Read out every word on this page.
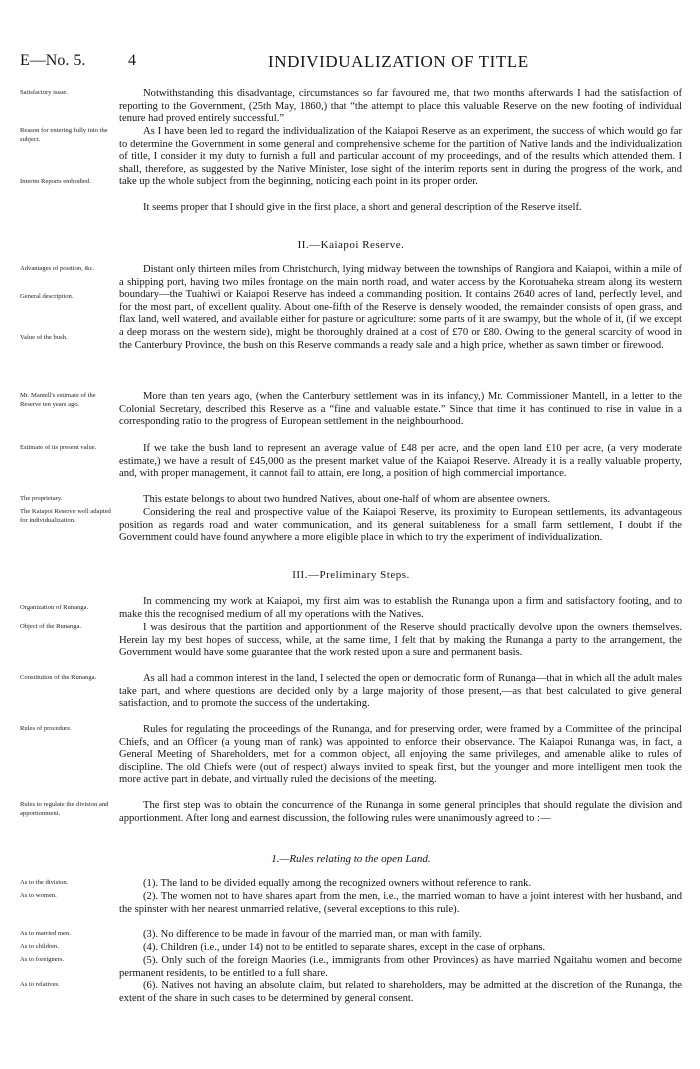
E—No. 5.	4	INDIVIDUALIZATION OF TITLE
Satisfactory issue.	Notwithstanding this disadvantage, circumstances so far favoured me, that two months afterwards I had the satisfaction of reporting to the Government, (25th May, 1860,) that “the attempt to place this valuable Reserve on the new footing of individual tenure had proved entirely successful.”
Reason for entering fully into the subject.
Interim Reports embodied.
As I have been led to regard the individualization of the Kaiapoi Reserve as an experiment, the success of which would go far to determine the Government in some general and comprehensive scheme for the partition of Native lands and the individualization of title, I consider it my duty to furnish a full and particular account of my proceedings, and of the results which attended them. I shall, therefore, as suggested by the Native Minister, lose sight of the interim reports sent in during the progress of the work, and take up the whole subject from the beginning, noticing each point in its proper order.
It seems proper that I should give in the first place, a short and general description of the Reserve itself.
II.—Kaiapoi Reserve.
Advantages of position, &c.
General description.
Value of the bush.
Distant only thirteen miles from Christchurch, lying midway between the townships of Rangiora and Kaiapoi, within a mile of a shipping port, having two miles frontage on the main north road, and water access by the Korotuaheka stream along its western boundary—the Tuahiwi or Kaiapoi Reserve has indeed a commanding position. It contains 2640 acres of land, perfectly level, and for the most part, of excellent quality. About one-fifth of the Reserve is densely wooded, the remainder consists of open grass, and flax land, well watered, and available either for pasture or agriculture: some parts of it are swampy, but the whole of it, (if we except a deep morass on the western side), might be thoroughly drained at a cost of £70 or £80. Owing to the general scarcity of wood in the Canterbury Province, the bush on this Reserve commands a ready sale and a high price, whether as sawn timber or firewood.
Mr. Mantell's estimate of the Reserve ten years ago.
More than ten years ago, (when the Canterbury settlement was in its infancy,) Mr. Commissioner Mantell, in a letter to the Colonial Secretary, described this Reserve as a “fine and valuable estate.” Since that time it has continued to rise in value in a corresponding ratio to the progress of European settlement in the neighbourhood.
Estimate of its present value.	If we take the bush land to represent an average value of £48 per acre, and the open land £10 per acre, (a very moderate estimate,) we have a result of £45,000 as the present market value of the Kaiapoi Reserve. Already it is a really valuable property, and, with proper management, it cannot fail to attain, ere long, a position of high commercial importance.
The proprietary.	This estate belongs to about two hundred Natives, about one-half of whom are absentee owners.
The Kaiapoi Reserve well adapted for individualization.
Considering the real and prospective value of the Kaiapoi Reserve, its proximity to European settlements, its advantageous position as regards road and water communication, and its general suitableness for a small farm settlement, I doubt if the Government could have found anywhere a more eligible place in which to try the experiment of individualization.
III.—Preliminary Steps.
Organization of Runanga.
In commencing my work at Kaiapoi, my first aim was to establish the Runanga upon a firm and satisfactory footing, and to make this the recognised medium of all my operations with the Natives.
Object of the Runanga.	I was desirous that the partition and apportionment of the Reserve should practically devolve upon the owners themselves. Herein lay my best hopes of success, while, at the same time, I felt that by making the Runanga a party to the arrangement, the Government would have some guarantee that the work rested upon a sure and permanent basis.
Constitution of the Runanga.	As all had a common interest in the land, I selected the open or democratic form of Runanga—that in which all the adult males take part, and where questions are decided only by a large majority of those present,—as that best calculated to give general satisfaction, and to promote the success of the undertaking.
Rules of procedure.	Rules for regulating the proceedings of the Runanga, and for preserving order, were framed by a Committee of the principal Chiefs, and an Officer (a young man of rank) was appointed to enforce their observance. The Kaiapoi Runanga was, in fact, a General Meeting of Shareholders, met for a common object, all enjoying the same privileges, and amenable alike to rules of discipline. The old Chiefs were (out of respect) always invited to speak first, but the younger and more intelligent men took the more active part in debate, and virtually ruled the decisions of the meeting.
Rules to regulate the division and apportionment.
The first step was to obtain the concurrence of the Runanga in some general principles that should regulate the division and apportionment. After long and earnest discussion, the following rules were unanimously agreed to :—
1.—Rules relating to the open Land.
As to the division.	(1). The land to be divided equally among the recognized owners without reference to rank.
As to women.	(2). The women not to have shares apart from the men, i.e., the married woman to have a joint interest with her husband, and the spinster with her nearest unmarried relative, (several exceptions to this rule).
As to married men.	(3). No difference to be made in favour of the married man, or man with family.
As to children.	(4). Children (i.e., under 14) not to be entitled to separate shares, except in the case of orphans.
As to foreigners.	(5). Only such of the foreign Maories (i.e., immigrants from other Provinces) as have married Ngaitahu women and become permanent residents, to be entitled to a full share.
As to relatives.	(6). Natives not having an absolute claim, but related to shareholders, may be admitted at the discretion of the Runanga, the extent of the share in such cases to be determined by general consent.
